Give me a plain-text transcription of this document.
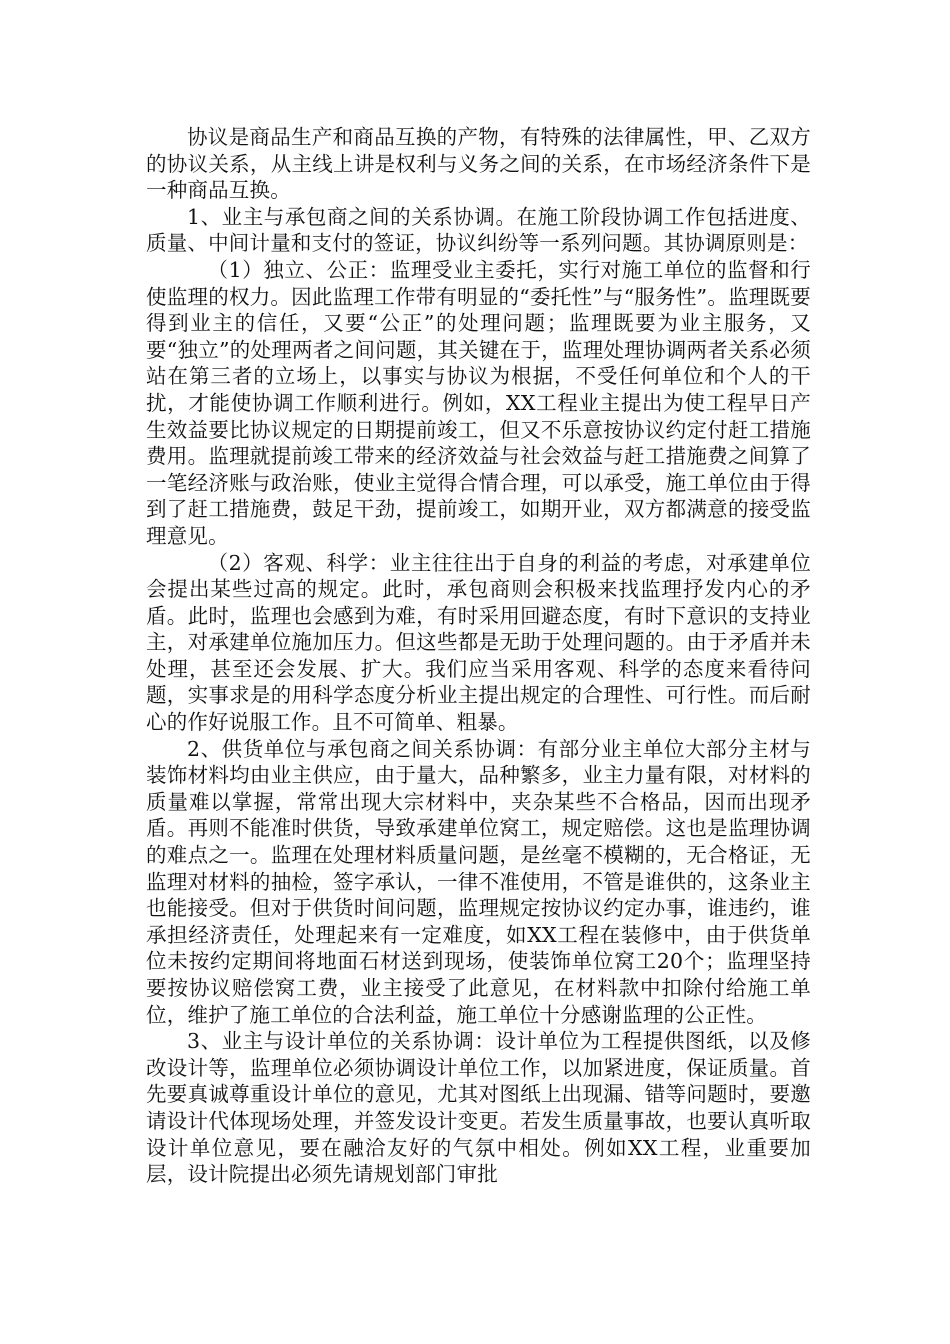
协议是商品生产和商品互换的产物，有特殊的法律属性，甲、乙双方的协议关系，从主线上讲是权利与义务之间的关系，在市场经济条件下是一种商品互换。

1、业主与承包商之间的关系协调。在施工阶段协调工作包括进度、质量、中间计量和支付的签证，协议纠纷等一系列问题。其协调原则是：

（1）独立、公正：监理受业主委托，实行对施工单位的监督和行使监理的权力。因此监理工作带有明显的“委托性”与“服务性”。监理既要得到业主的信任，又要“公正”的处理问题；监理既要为业主服务，又要“独立”的处理两者之间问题，其关键在于，监理处理协调两者关系必须站在第三者的立场上，以事实与协议为根据，不受任何单位和个人的干扰，才能使协调工作顺利进行。例如，XX工程业主提出为使工程早日产生效益要比协议规定的日期提前竣工，但又不乐意按协议约定付赶工措施费用。监理就提前竣工带来的经济效益与社会效益与赶工措施费之间算了一笔经济账与政治账，使业主觉得合情合理，可以承受，施工单位由于得到了赶工措施费，鼓足干劲，提前竣工，如期开业，双方都满意的接受监理意见。

（2）客观、科学：业主往往出于自身的利益的考虑，对承建单位会提出某些过高的规定。此时，承包商则会积极来找监理抒发内心的矛盾。此时，监理也会感到为难，有时采用回避态度，有时下意识的支持业主，对承建单位施加压力。但这些都是无助于处理问题的。由于矛盾并未处理，甚至还会发展、扩大。我们应当采用客观、科学的态度来看待问题，实事求是的用科学态度分析业主提出规定的合理性、可行性。而后耐心的作好说服工作。且不可简单、粗暴。

2、供货单位与承包商之间关系协调：有部分业主单位大部分主材与装饰材料均由业主供应，由于量大，品种繁多，业主力量有限，对材料的质量难以掌握，常常出现大宗材料中，夹杂某些不合格品，因而出现矛盾。再则不能准时供货，导致承建单位窝工，规定赔偿。这也是监理协调的难点之一。监理在处理材料质量问题，是丝毫不模糊的，无合格证，无监理对材料的抽检，签字承认，一律不准使用，不管是谁供的，这条业主也能接受。但对于供货时间问题，监理规定按协议约定办事，谁违约，谁承担经济责任，处理起来有一定难度，如XX工程在装修中，由于供货单位未按约定期间将地面石材送到现场，使装饰单位窝工20个；监理坚持要按协议赔偿窝工费，业主接受了此意见，在材料款中扣除付给施工单位，维护了施工单位的合法利益，施工单位十分感谢监理的公正性。

3、业主与设计单位的关系协调：设计单位为工程提供图纸，以及修改设计等，监理单位必须协调设计单位工作，以加紧进度，保证质量。首先要真诚尊重设计单位的意见，尤其对图纸上出现漏、错等问题时，要邀请设计代体现场处理，并签发设计变更。若发生质量事故，也要认真听取设计单位意见，要在融洽友好的气氛中相处。例如XX工程，业重要加层，设计院提出必须先请规划部门审批
